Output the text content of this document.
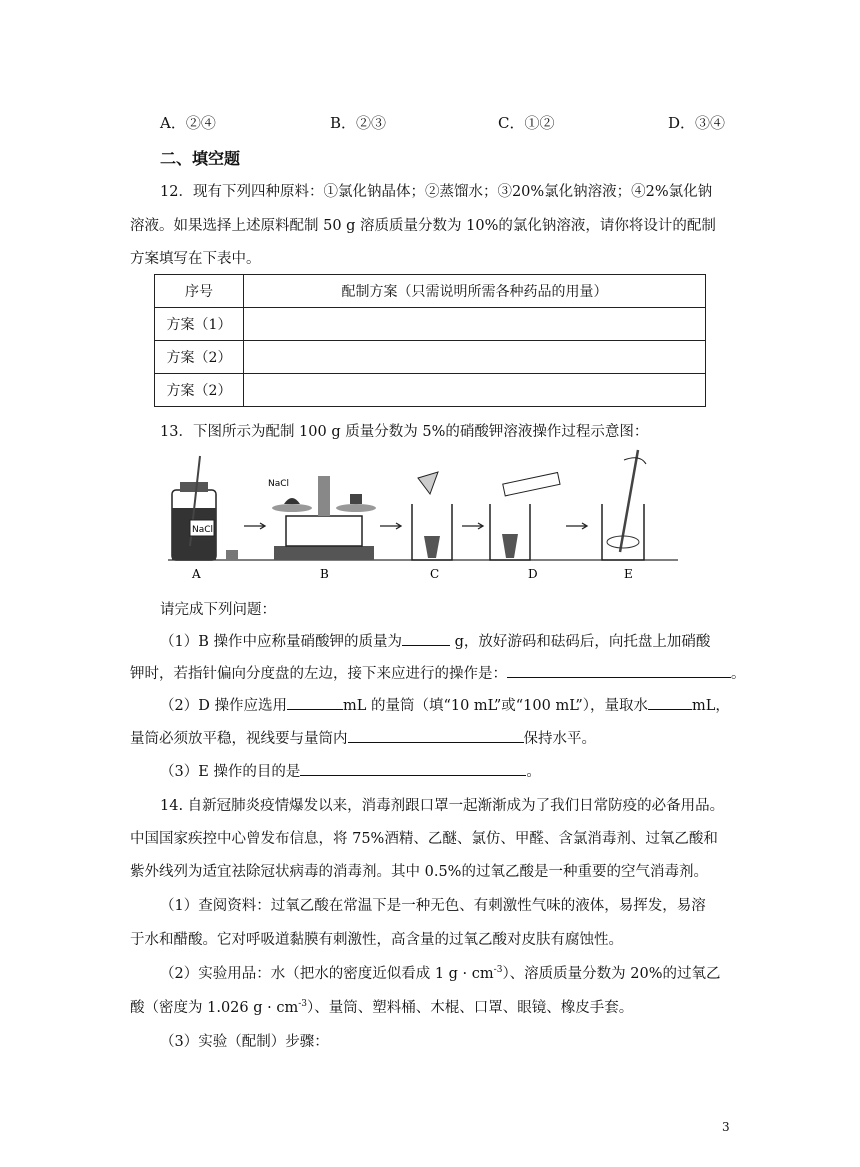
A．②④	B．②③	C．①②	D．③④
二、填空题
12．现有下列四种原料：①氯化钠晶体；②蒸馏水；③20%氯化钠溶液；④2%氯化钠
溶液。如果选择上述原料配制 50 g 溶质质量分数为 10%的氯化钠溶液，请你将设计的配制
方案填写在下表中。
序号	配制方案（只需说明所需各种药品的用量）
方案（1）	
方案（2）	
方案（2）	
13．下图所示为配制 100 g 质量分数为 5%的硝酸钾溶液操作过程示意图：
NaCl
NaCl
A	B	C	D	E
请完成下列问题：
（1）B 操作中应称量硝酸钾的质量为	g，放好游码和砝码后，向托盘上加硝酸
钾时，若指针偏向分度盘的左边，接下来应进行的操作是：	。
（2）D 操作应选用	mL 的量筒（填“10 mL”或“100 mL”），量取水	mL，
量筒必须放平稳，视线要与量筒内	保持水平。
（3）E 操作的目的是	。
14. 自新冠肺炎疫情爆发以来，消毒剂跟口罩一起渐渐成为了我们日常防疫的必备用品。
中国国家疾控中心曾发布信息，将 75%酒精、乙醚、氯仿、甲醛、含氯消毒剂、过氧乙酸和
紫外线列为适宜祛除冠状病毒的消毒剂。其中 0.5%的过氧乙酸是一种重要的空气消毒剂。
（1）查阅资料：过氧乙酸在常温下是一种无色、有刺激性气味的液体，易挥发，易溶
于水和醋酸。它对呼吸道黏膜有刺激性，高含量的过氧乙酸对皮肤有腐蚀性。
（2）实验用品：水（把水的密度近似看成 1 $g \cdot cm^{-3}$）、溶质质量分数为 20%的过氧乙
酸（密度为 1.026 $g \cdot cm^{-3}$）、量筒、塑料桶、木棍、口罩、眼镜、橡皮手套。
（3）实验（配制）步骤：
3
